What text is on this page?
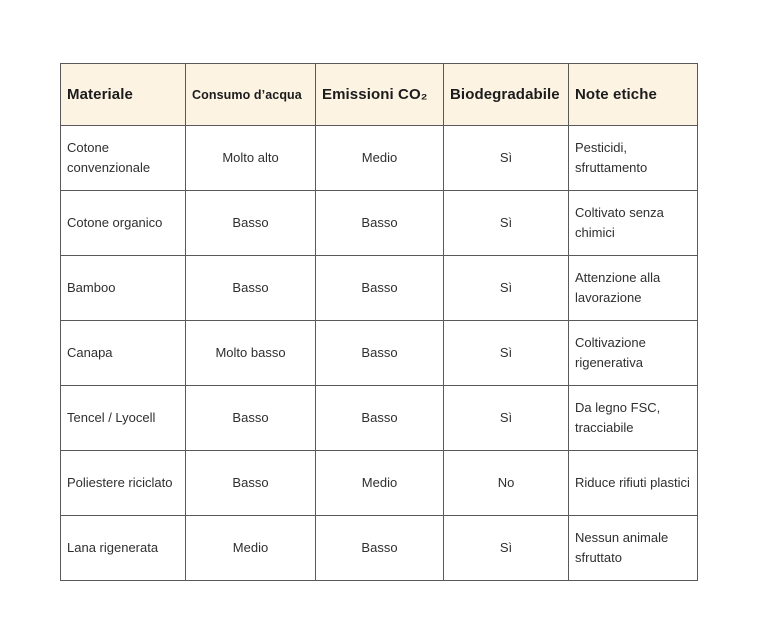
Materiale	Consumo d’acqua	Emissioni CO₂	Biodegradabile	Note etiche
Cotone convenzionale	Molto alto	Medio	Sì	Pesticidi, sfruttamento
Cotone organico	Basso	Basso	Sì	Coltivato senza chimici
Bamboo	Basso	Basso	Sì	Attenzione alla lavorazione
Canapa	Molto basso	Basso	Sì	Coltivazione rigenerativa
Tencel / Lyocell	Basso	Basso	Sì	Da legno FSC, tracciabile
Poliestere riciclato	Basso	Medio	No	Riduce rifiuti plastici
Lana rigenerata	Medio	Basso	Sì	Nessun animale sfruttato
